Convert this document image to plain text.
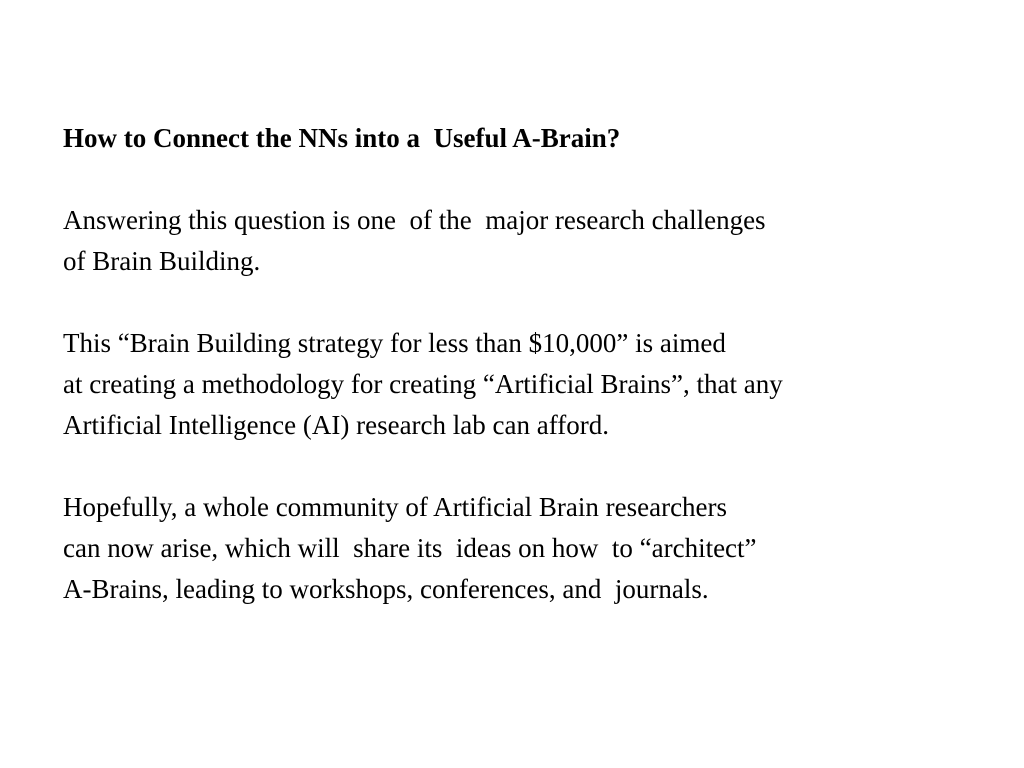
How to Connect the NNs into a  Useful A-Brain?

Answering this question is one  of the  major research challenges
of Brain Building.

This “Brain Building strategy for less than $10,000” is aimed
at creating a methodology for creating “Artificial Brains”, that any
Artificial Intelligence (AI) research lab can afford.

Hopefully, a whole community of Artificial Brain researchers
can now arise, which will  share its  ideas on how  to “architect”
A-Brains, leading to workshops, conferences, and  journals.
